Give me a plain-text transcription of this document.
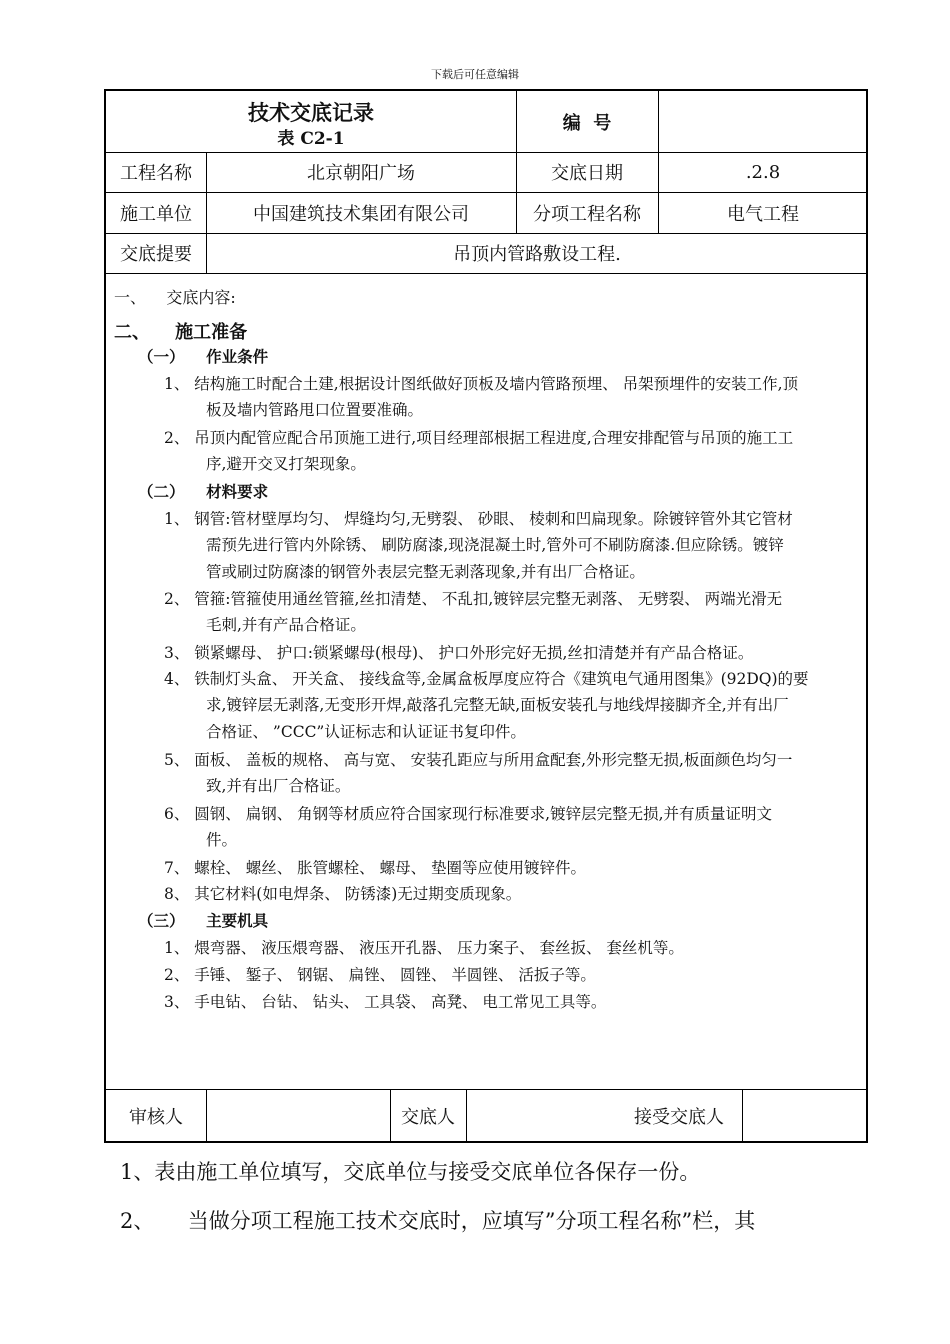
下载后可任意编辑
技术交底记录
表 C2-1
编  号
工程名称	北京朝阳广场	交底日期	.2.8
施工单位	中国建筑技术集团有限公司	分项工程名称	电气工程
交底提要	吊顶内管路敷设工程.
审核人	交底人	接受交底人
一、    交底内容:
二、    施工准备
（一）    作业条件
1、 结构施工时配合土建,根据设计图纸做好顶板及墙内管路预埋、 吊架预埋件的安装工作,顶
板及墙内管路甩口位置要准确。
2、 吊顶内配管应配合吊顶施工进行,项目经理部根据工程进度,合理安排配管与吊顶的施工工
序,避开交叉打架现象。
（二）    材料要求
1、 钢管:管材壁厚均匀、 焊缝均匀,无劈裂、 砂眼、 棱刺和凹扁现象。除镀锌管外其它管材
需预先进行管内外除锈、 刷防腐漆,现浇混凝土时,管外可不刷防腐漆.但应除锈。镀锌
管或刷过防腐漆的钢管外表层完整无剥落现象,并有出厂合格证。
2、 管箍:管箍使用通丝管箍,丝扣清楚、 不乱扣,镀锌层完整无剥落、 无劈裂、 两端光滑无
毛刺,并有产品合格证。
3、 锁紧螺母、 护口:锁紧螺母(根母)、 护口外形完好无损,丝扣清楚并有产品合格证。
4、 铁制灯头盒、 开关盒、 接线盒等,金属盒板厚度应符合《建筑电气通用图集》(92DQ)的要
求,镀锌层无剥落,无变形开焊,敲落孔完整无缺,面板安装孔与地线焊接脚齐全,并有出厂
合格证、 ”CCC”认证标志和认证证书复印件。
5、 面板、 盖板的规格、 高与宽、 安装孔距应与所用盒配套,外形完整无损,板面颜色均匀一
致,并有出厂合格证。
6、 圆钢、 扁钢、 角钢等材质应符合国家现行标准要求,镀锌层完整无损,并有质量证明文
件。
7、 螺栓、 螺丝、 胀管螺栓、 螺母、 垫圈等应使用镀锌件。
8、 其它材料(如电焊条、 防锈漆)无过期变质现象。
（三）    主要机具
1、 煨弯器、 液压煨弯器、 液压开孔器、 压力案子、 套丝扳、 套丝机等。
2、 手锤、 錾子、 钢锯、 扁锉、 圆锉、 半圆锉、 活扳子等。
3、 手电钻、 台钻、 钻头、 工具袋、 高凳、 电工常见工具等。
1、表由施工单位填写，交底单位与接受交底单位各保存一份。
2、     当做分项工程施工技术交底时，应填写”分项工程名称”栏，其
